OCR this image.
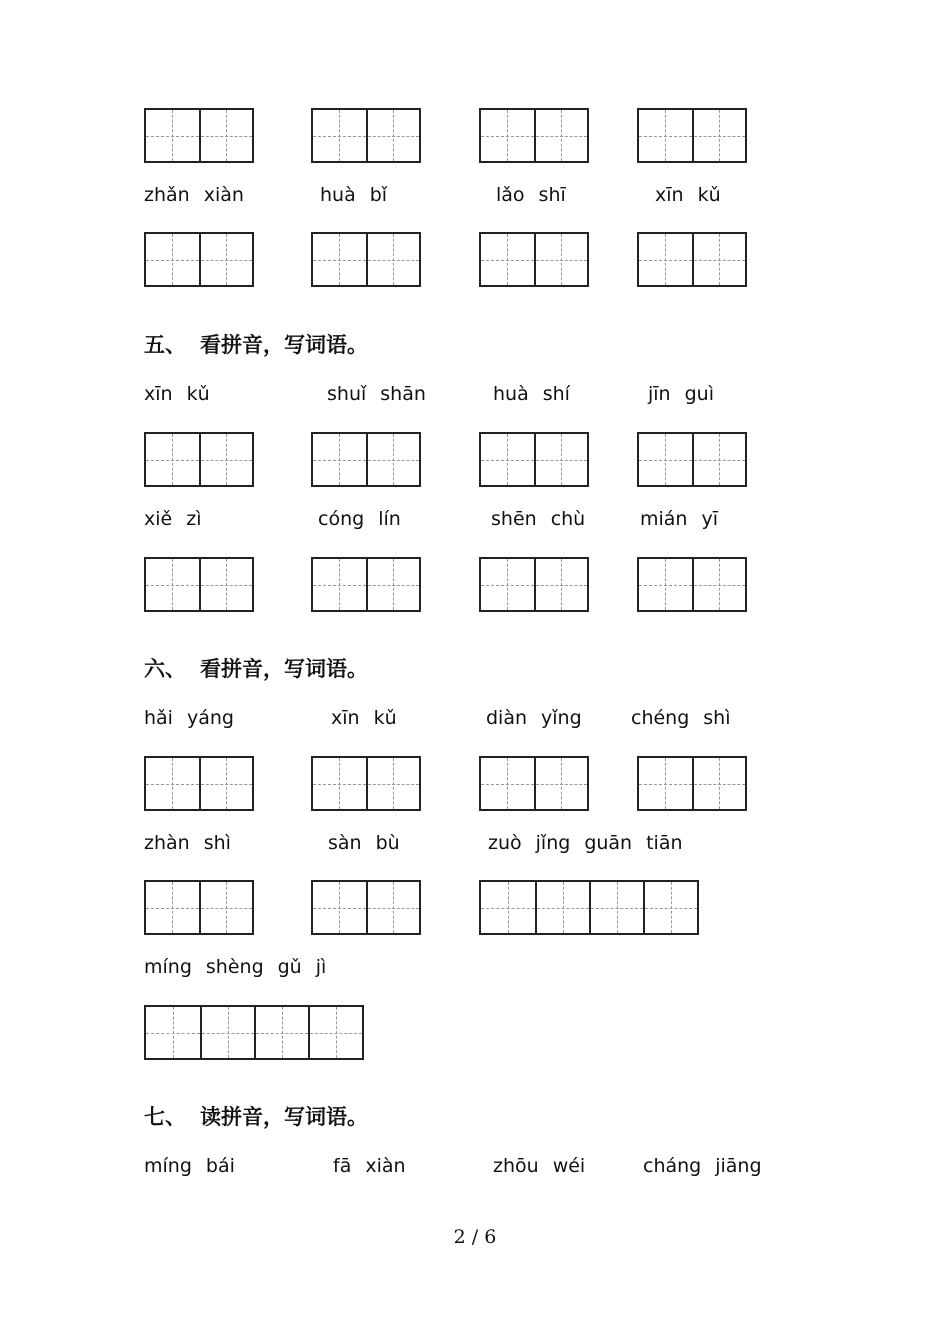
zhǎn xiàn	huà bǐ	lǎo shī	xīn kǔ
五、 看拼音，写词语。
xīn kǔ	shuǐ shān	huà shí	jīn guì
xiě zì	cóng lín	shēn chù	mián yī
六、 看拼音，写词语。
hǎi yáng	xīn kǔ	diàn yǐng	chéng shì
zhàn shì	sàn bù	zuò jǐng guān tiān
míng shèng gǔ jì
七、 读拼音，写词语。
míng bái	fā xiàn	zhōu wéi	cháng jiāng
2 / 6
